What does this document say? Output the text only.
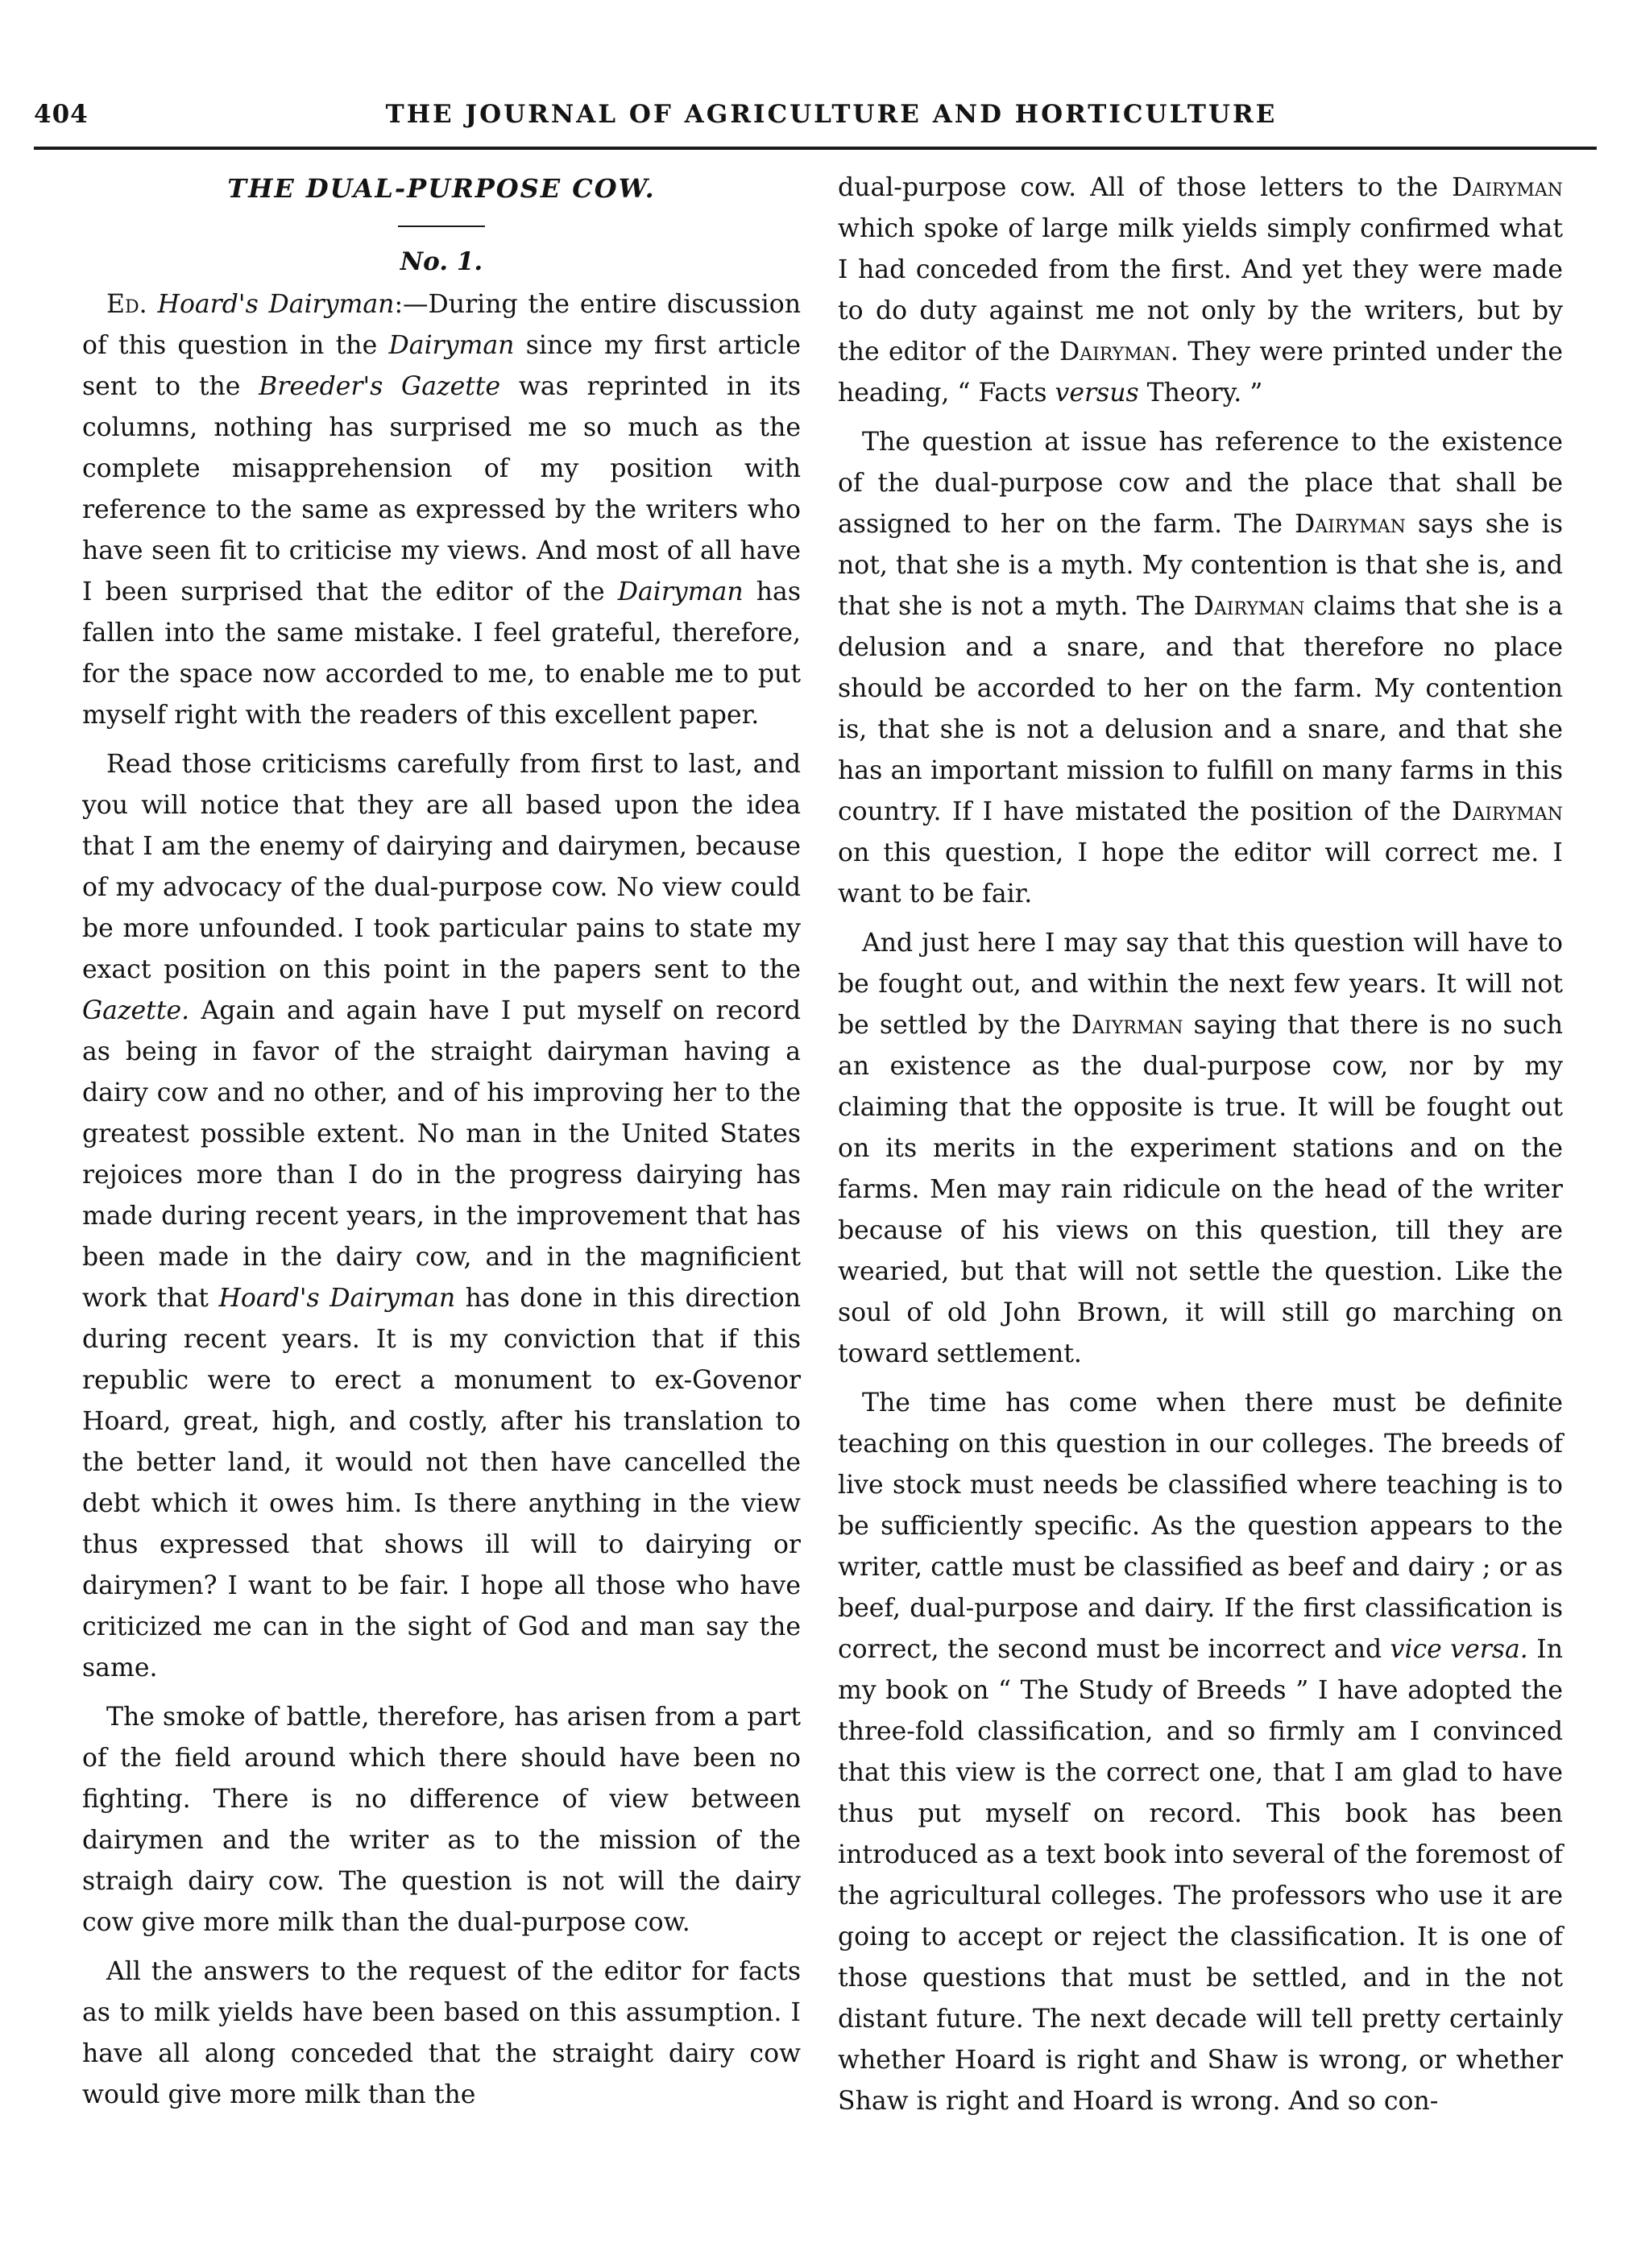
404	THE JOURNAL OF AGRICULTURE AND HORTICULTURE
THE DUAL-PURPOSE COW.
No. 1.

Ed. Hoard's Dairyman:—During the entire discussion of this question in the Dairyman since my first article sent to the Breeder's Gazette was reprinted in its columns, nothing has surprised me so much as the complete misapprehension of my position with reference to the same as expressed by the writers who have seen fit to criticise my views. And most of all have I been surprised that the editor of the Dairyman has fallen into the same mistake. I feel grateful, therefore, for the space now accorded to me, to enable me to put myself right with the readers of this excellent paper.

Read those criticisms carefully from first to last, and you will notice that they are all based upon the idea that I am the enemy of dairying and dairymen, because of my advocacy of the dual-purpose cow. No view could be more unfounded. I took particular pains to state my exact position on this point in the papers sent to the Gazette. Again and again have I put myself on record as being in favor of the straight dairyman having a dairy cow and no other, and of his improving her to the greatest possible extent. No man in the United States rejoices more than I do in the progress dairying has made during recent years, in the improvement that has been made in the dairy cow, and in the magnificient work that Hoard's Dairyman has done in this direction during recent years. It is my conviction that if this republic were to erect a monument to ex-Govenor Hoard, great, high, and costly, after his translation to the better land, it would not then have cancelled the debt which it owes him. Is there anything in the view thus expressed that shows ill will to dairying or dairymen? I want to be fair. I hope all those who have criticized me can in the sight of God and man say the same.

The smoke of battle, therefore, has arisen from a part of the field around which there should have been no fighting. There is no difference of view between dairymen and the writer as to the mission of the straigh dairy cow. The question is not will the dairy cow give more milk than the dual-purpose cow.

All the answers to the request of the editor for facts as to milk yields have been based on this assumption. I have all along conceded that the straight dairy cow would give more milk than the

dual-purpose cow. All of those letters to the Dairyman which spoke of large milk yields simply confirmed what I had conceded from the first. And yet they were made to do duty against me not only by the writers, but by the editor of the Dairyman. They were printed under the heading, “ Facts versus Theory. ”

The question at issue has reference to the existence of the dual-purpose cow and the place that shall be assigned to her on the farm. The Dairyman says she is not, that she is a myth. My contention is that she is, and that she is not a myth. The Dairyman claims that she is a delusion and a snare, and that therefore no place should be accorded to her on the farm. My contention is, that she is not a delusion and a snare, and that she has an important mission to fulfill on many farms in this country. If I have mistated the position of the Dairyman on this question, I hope the editor will correct me. I want to be fair.

And just here I may say that this question will have to be fought out, and within the next few years. It will not be settled by the Daiyrman saying that there is no such an existence as the dual-purpose cow, nor by my claiming that the opposite is true. It will be fought out on its merits in the experiment stations and on the farms. Men may rain ridicule on the head of the writer because of his views on this question, till they are wearied, but that will not settle the question. Like the soul of old John Brown, it will still go marching on toward settlement.

The time has come when there must be definite teaching on this question in our colleges. The breeds of live stock must needs be classified where teaching is to be sufficiently specific. As the question appears to the writer, cattle must be classified as beef and dairy ; or as beef, dual-purpose and dairy. If the first classification is correct, the second must be incorrect and vice versa. In my book on “ The Study of Breeds ” I have adopted the three-fold classification, and so firmly am I convinced that this view is the correct one, that I am glad to have thus put myself on record. This book has been introduced as a text book into several of the foremost of the agricultural colleges. The professors who use it are going to accept or reject the classification. It is one of those questions that must be settled, and in the not distant future. The next decade will tell pretty certainly whether Hoard is right and Shaw is wrong, or whether Shaw is right and Hoard is wrong. And so con-
